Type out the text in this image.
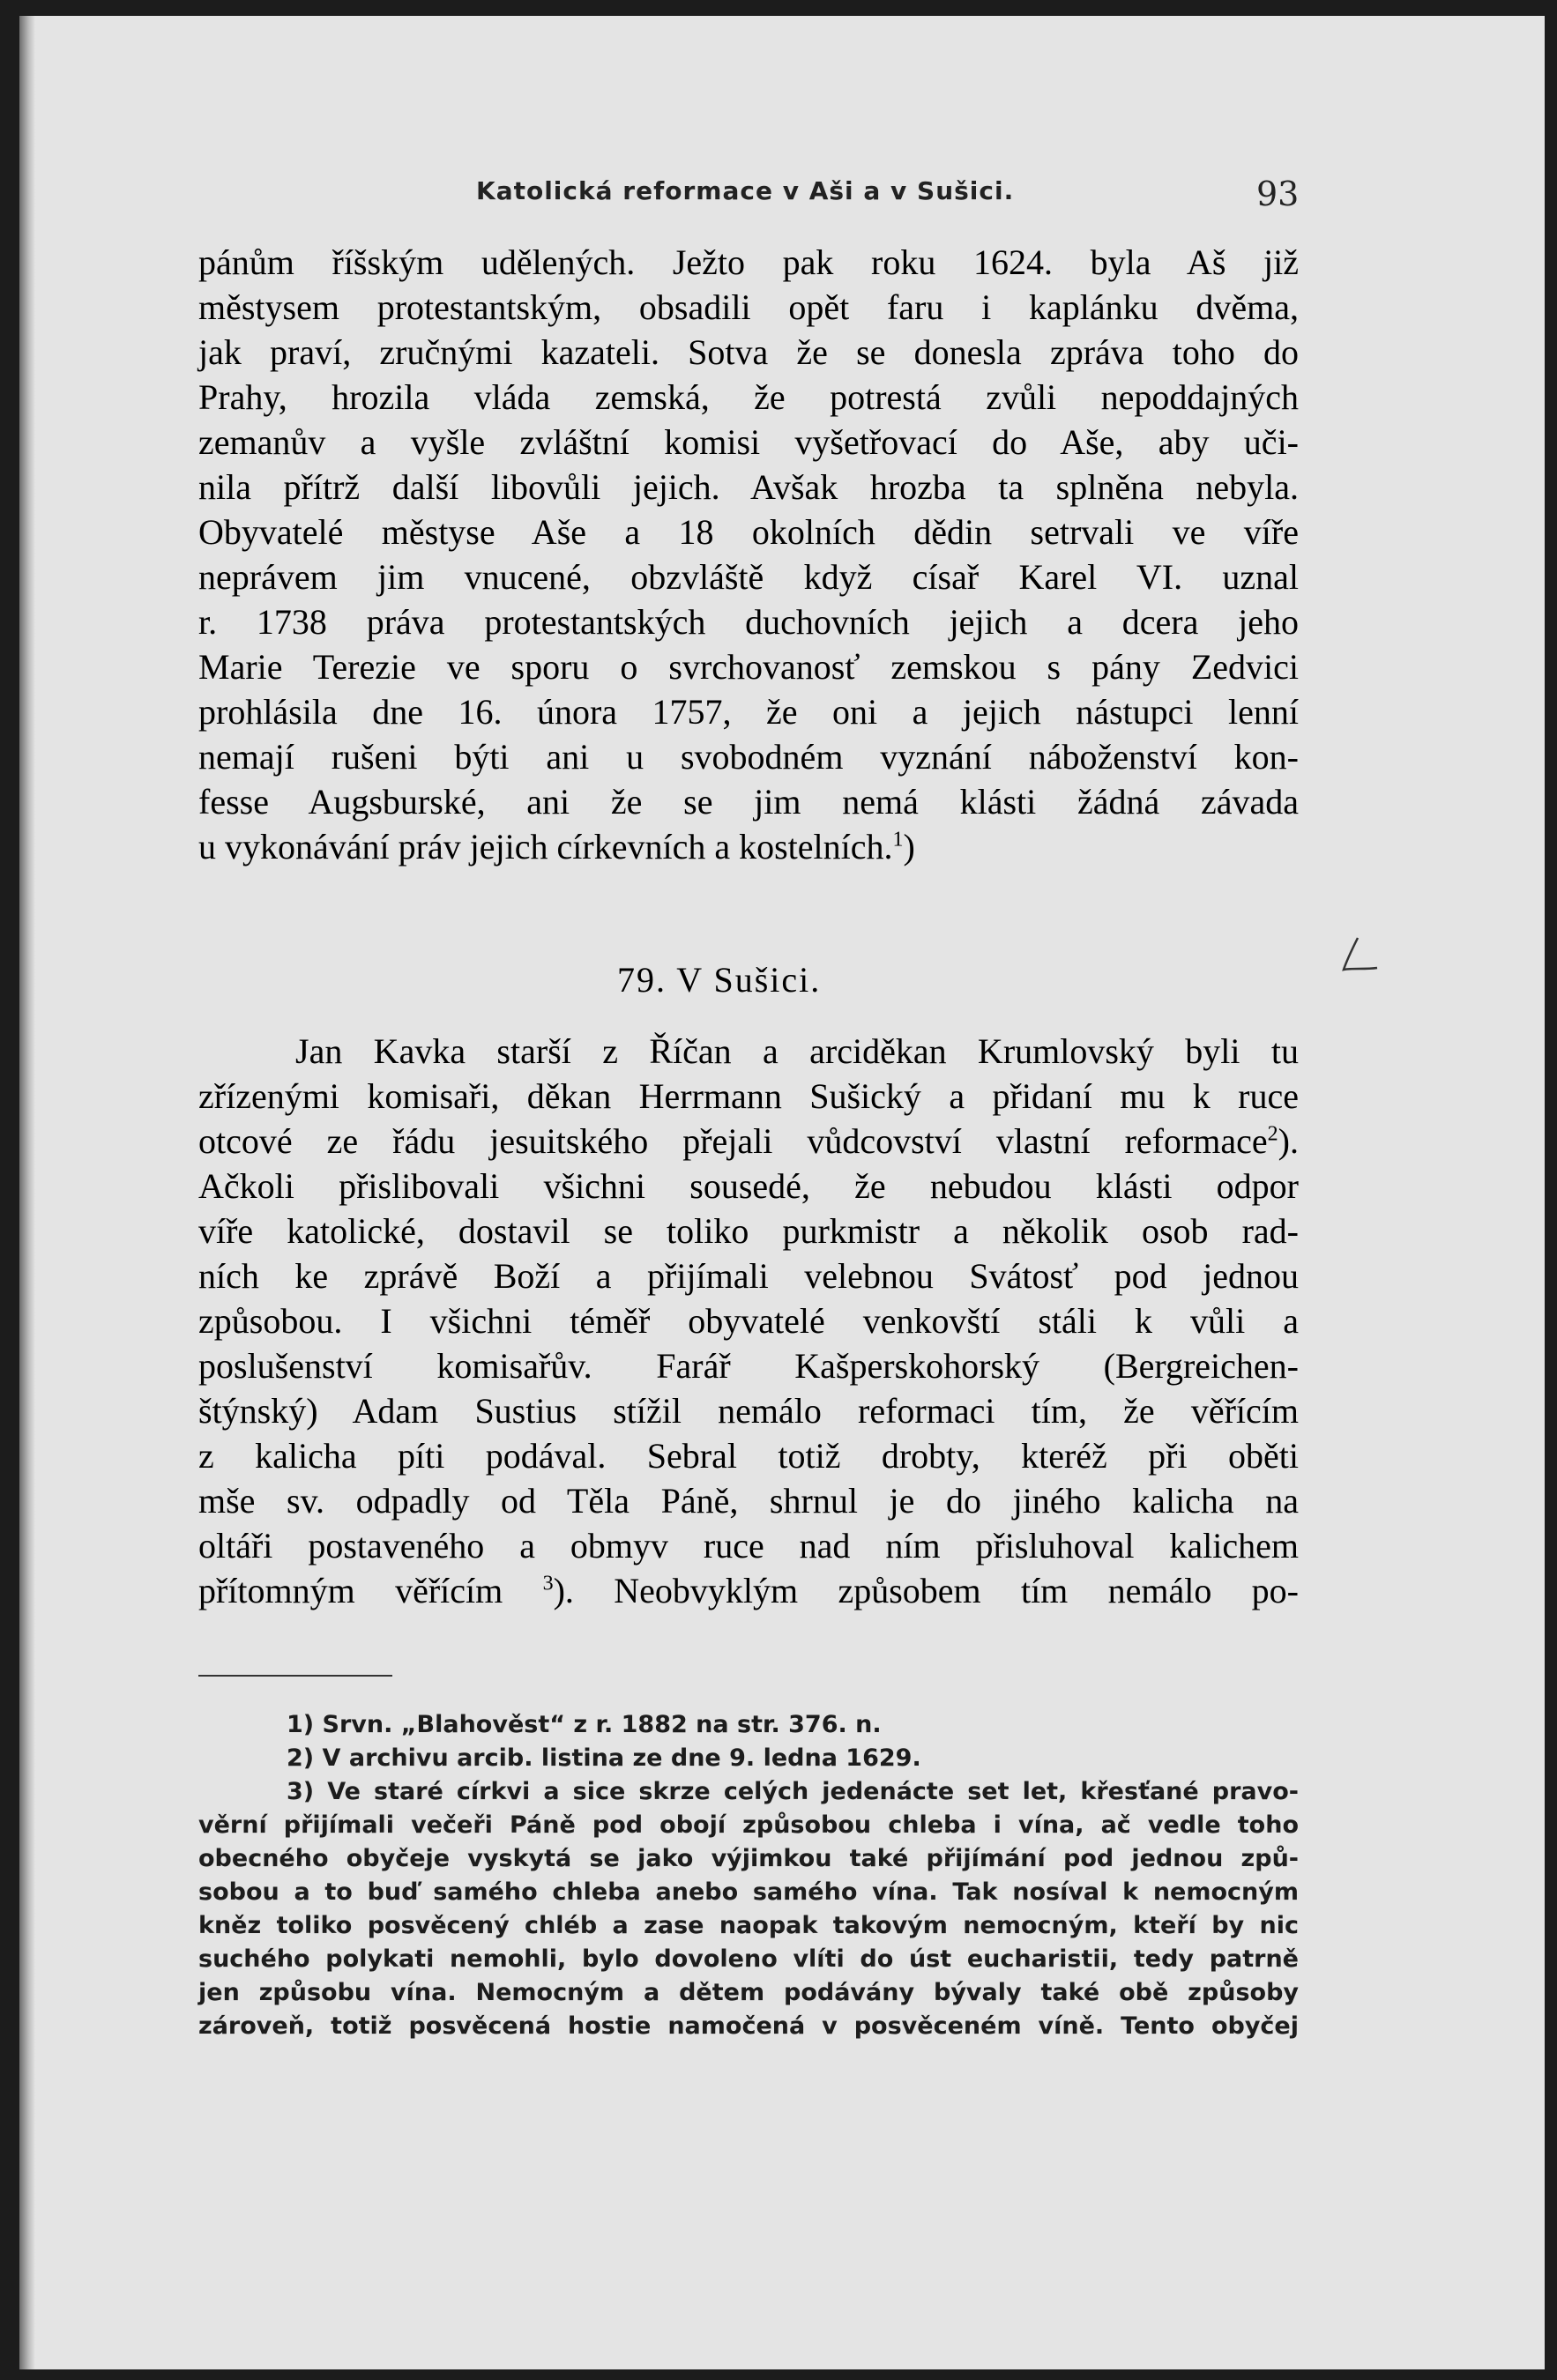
Katolická reformace v Aši a v Sušici.	93
pánům říšským udělených. Ježto pak roku 1624. byla Aš již
městysem protestantským, obsadili opět faru i kaplánku dvěma,
jak praví, zručnými kazateli. Sotva že se donesla zpráva toho do
Prahy, hrozila vláda zemská, že potrestá zvůli nepoddajných
zemanův a vyšle zvláštní komisi vyšetřovací do Aše, aby uči-
nila přítrž další libovůli jejich. Avšak hrozba ta splněna nebyla.
Obyvatelé městyse Aše a 18 okolních dědin setrvali ve víře
neprávem jim vnucené, obzvláště když císař Karel VI. uznal
r. 1738 práva protestantských duchovních jejich a dcera jeho
Marie Terezie ve sporu o svrchovanosť zemskou s pány Zedvici
prohlásila dne 16. února 1757, že oni a jejich nástupci lenní
nemají rušeni býti ani u svobodném vyznání náboženství kon-
fesse Augsburské, ani že se jim nemá klásti žádná závada
u vykonávání práv jejich církevních a kostelních.$^1$)
79. V Sušici.
Jan Kavka starší z Říčan a arciděkan Krumlovský byli tu
zřízenými komisaři, děkan Herrmann Sušický a přidaní mu k ruce
otcové ze řádu jesuitského přejali vůdcovství vlastní reformace$^2$).
Ačkoli přislibovali všichni sousedé, že nebudou klásti odpor
víře katolické, dostavil se toliko purkmistr a několik osob rad-
ních ke zprávě Boží a přijímali velebnou Svátosť pod jednou
způsobou. I všichni téměř obyvatelé venkovští stáli k vůli a
poslušenství komisařův. Farář Kašperskohorský (Bergreichen-
štýnský) Adam Sustius stížil nemálo reformaci tím, že věřícím
z kalicha píti podával. Sebral totiž drobty, kteréž při oběti
mše sv. odpadly od Těla Páně, shrnul je do jiného kalicha na
oltáři postaveného a obmyv ruce nad ním přisluhoval kalichem
přítomným věřícím $^3$). Neobvyklým způsobem tím nemálo po-
1) Srvn. „Blahověst“ z r. 1882 na str. 376. n.
2) V archivu arcib. listina ze dne 9. ledna 1629.
3) Ve staré církvi a sice skrze celých jedenácte set let, křesťané pravo-
věrní přijímali večeři Páně pod obojí způsobou chleba i vína, ač vedle toho
obecného obyčeje vyskytá se jako výjimkou také přijímání pod jednou způ-
sobou a to buď samého chleba anebo samého vína. Tak nosíval k nemocným
kněz toliko posvěcený chléb a zase naopak takovým nemocným, kteří by nic
suchého polykati nemohli, bylo dovoleno vlíti do úst eucharistii, tedy patrně
jen způsobu vína. Nemocným a dětem podávány bývaly také obě způsoby
zároveň, totiž posvěcená hostie namočená v posvěceném víně. Tento obyčej
